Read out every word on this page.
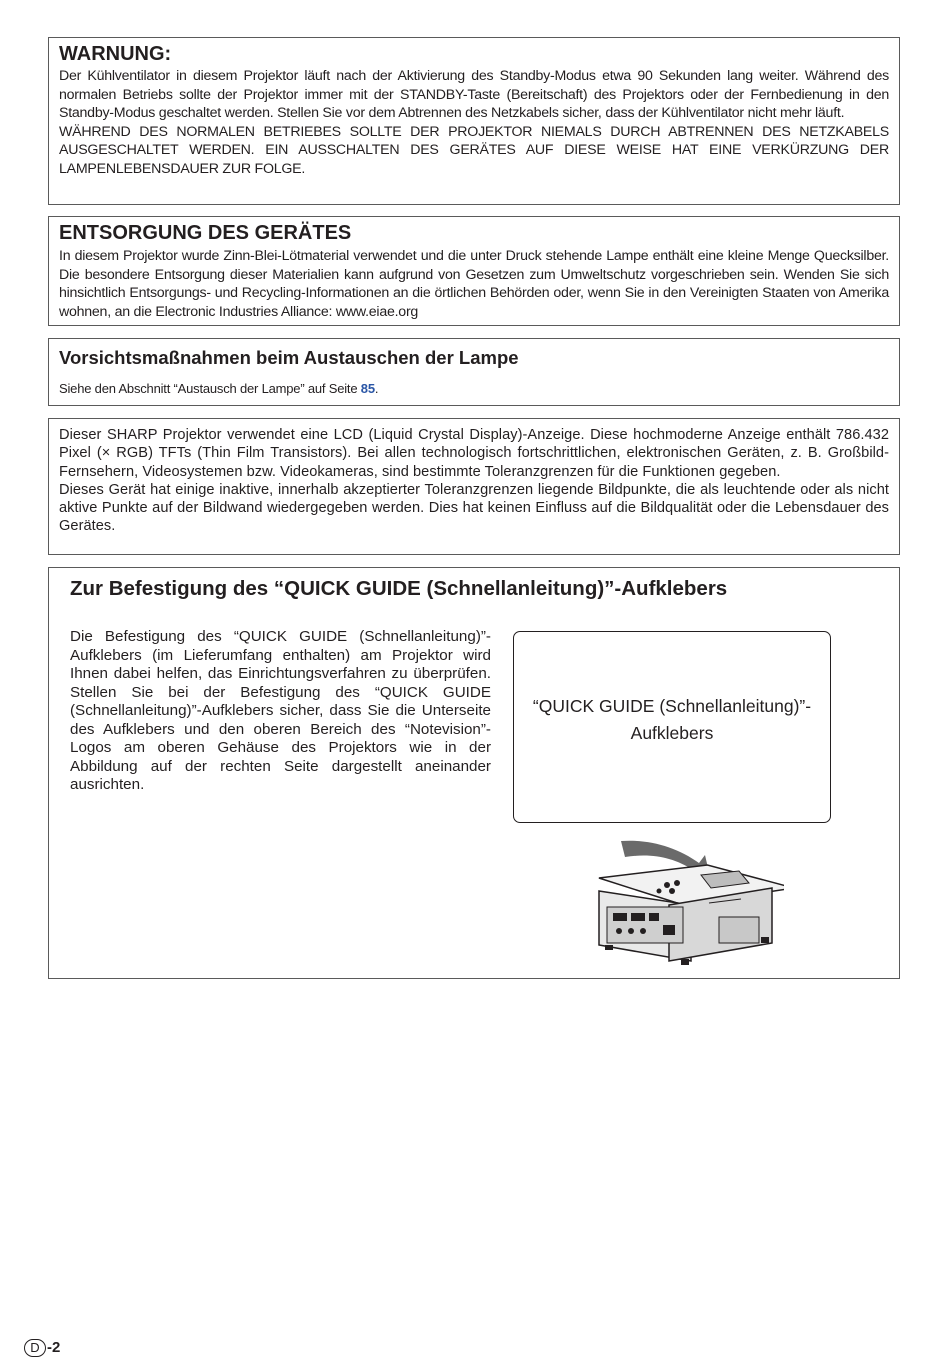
WARNUNG:

Der Kühlventilator in diesem Projektor läuft nach der Aktivierung des Standby-Modus etwa 90 Sekunden lang weiter. Während des normalen Betriebs sollte der Projektor immer mit der STANDBY-Taste (Bereitschaft) des Projektors oder der Fernbedienung in den Standby-Modus geschaltet werden. Stellen Sie vor dem Abtrennen des Netzkabels sicher, dass der Kühlventilator nicht mehr läuft.

WÄHREND DES NORMALEN BETRIEBES SOLLTE DER PROJEKTOR NIEMALS DURCH ABTRENNEN DES NETZKABELS AUSGESCHALTET WERDEN. EIN AUSSCHALTEN DES GERÄTES AUF DIESE WEISE HAT EINE VERKÜRZUNG DER LAMPENLEBENSDAUER ZUR FOLGE.

ENTSORGUNG DES GERÄTES

In diesem Projektor wurde Zinn-Blei-Lötmaterial verwendet und die unter Druck stehende Lampe enthält eine kleine Menge Quecksilber. Die besondere Entsorgung dieser Materialien kann aufgrund von Gesetzen zum Umweltschutz vorgeschrieben sein. Wenden Sie sich hinsichtlich Entsorgungs- und Recycling-Informationen an die örtlichen Behörden oder, wenn Sie in den Vereinigten Staaten von Amerika wohnen, an die Electronic Industries Alliance: www.eiae.org

Vorsichtsmaßnahmen beim Austauschen der Lampe
Siehe den Abschnitt “Austausch der Lampe” auf Seite 85.

Dieser SHARP Projektor verwendet eine LCD (Liquid Crystal Display)-Anzeige. Diese hochmoderne Anzeige enthält 786.432 Pixel (× RGB) TFTs (Thin Film Transistors). Bei allen technologisch fortschrittlichen, elektronischen Geräten, z. B. Großbild-Fernsehern, Videosystemen bzw. Videokameras, sind bestimmte Toleranzgrenzen für die Funktionen gegeben.

Dieses Gerät hat einige inaktive, innerhalb akzeptierter Toleranzgrenzen liegende Bildpunkte, die als leuchtende oder als nicht aktive Punkte auf der Bildwand wiedergegeben werden. Dies hat keinen Einfluss auf die Bildqualität oder die Lebensdauer des Gerätes.

Zur Befestigung des “QUICK GUIDE (Schnellanleitung)”-Aufklebers

Die Befestigung des “QUICK GUIDE (Schnellanleitung)”-Aufklebers (im Lieferumfang enthalten) am Projektor wird Ihnen dabei helfen, das Einrichtungsverfahren zu überprüfen. Stellen Sie bei der Befestigung des “QUICK GUIDE (Schnellanleitung)”-Aufklebers sicher, dass Sie die Unterseite des Aufklebers und den oberen Bereich des “Notevision”-Logos am oberen Gehäuse des Projektors wie in der Abbildung auf der rechten Seite dargestellt aneinander ausrichten.

“QUICK GUIDE (Schnellanleitung)”-
Aufklebers
D -2
